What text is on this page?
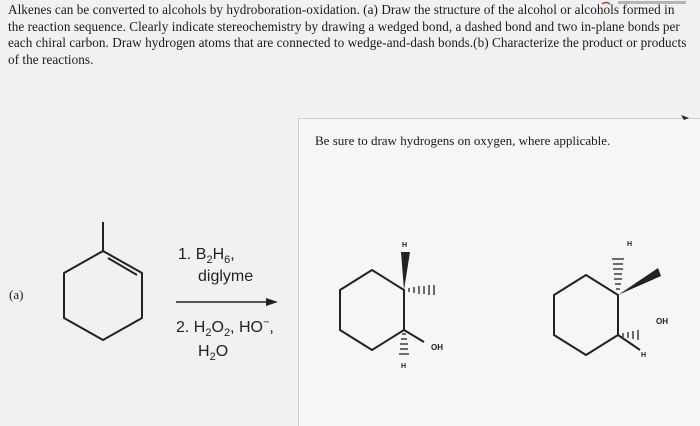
Alkenes can be converted to alcohols by hydroboration-oxidation. (a) Draw the structure of the alcohol or alcohols formed in the reaction sequence. Clearly indicate stereochemistry by drawing a wedged bond, a dashed bond and two in-plane bonds per each chiral carbon. Draw hydrogen atoms that are connected to wedge-and-dash bonds.(b) Characterize the product or products of the reactions.
(a)
1. $B_2H_6$,
diglyme
2. $H_2O_2$, HO−,
$H_2O$
Be sure to draw hydrogens on oxygen, where applicable.
H
H
OH
H
H
OH
